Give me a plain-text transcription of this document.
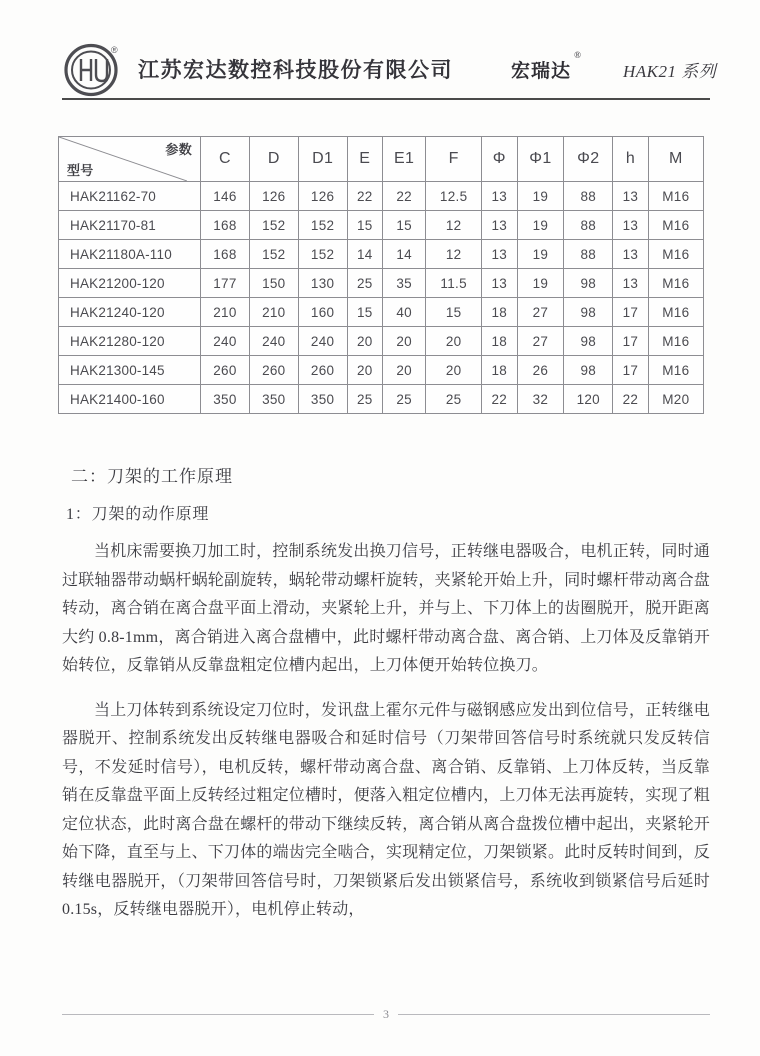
®
江苏宏达数控科技股份有限公司	宏瑞达
®
HAK21 系列
参数
型号	C	D	D1	E	E1	F	Φ	Φ1	Φ2	h	M
HAK21162-70	146	126	126	22	22	12.5	13	19	88	13	M16
HAK21170-81	168	152	152	15	15	12	13	19	88	13	M16
HAK21180A-110	168	152	152	14	14	12	13	19	88	13	M16
HAK21200-120	177	150	130	25	35	11.5	13	19	98	13	M16
HAK21240-120	210	210	160	15	40	15	18	27	98	17	M16
HAK21280-120	240	240	240	20	20	20	18	27	98	17	M16
HAK21300-145	260	260	260	20	20	20	18	26	98	17	M16
HAK21400-160	350	350	350	25	25	25	22	32	120	22	M20
二：刀架的工作原理
1：刀架的动作原理

当机床需要换刀加工时，控制系统发出换刀信号，正转继电器吸合，电机正转，同时通过联轴器带动蜗杆蜗轮副旋转，蜗轮带动螺杆旋转，夹紧轮开始上升，同时螺杆带动离合盘转动，离合销在离合盘平面上滑动，夹紧轮上升，并与上、下刀体上的齿圈脱开，脱开距离大约 0.8-1mm，离合销进入离合盘槽中，此时螺杆带动离合盘、离合销、上刀体及反靠销开始转位，反靠销从反靠盘粗定位槽内起出，上刀体便开始转位换刀。

当上刀体转到系统设定刀位时，发讯盘上霍尔元件与磁钢感应发出到位信号，正转继电器脱开、控制系统发出反转继电器吸合和延时信号（刀架带回答信号时系统就只发反转信号，不发延时信号），电机反转，螺杆带动离合盘、离合销、反靠销、上刀体反转，当反靠销在反靠盘平面上反转经过粗定位槽时，便落入粗定位槽内，上刀体无法再旋转，实现了粗定位状态，此时离合盘在螺杆的带动下继续反转，离合销从离合盘拨位槽中起出，夹紧轮开始下降，直至与上、下刀体的端齿完全啮合，实现精定位，刀架锁紧。此时反转时间到，反转继电器脱开，（刀架带回答信号时，刀架锁紧后发出锁紧信号，系统收到锁紧信号后延时 0.15s，反转继电器脱开），电机停止转动，

3
